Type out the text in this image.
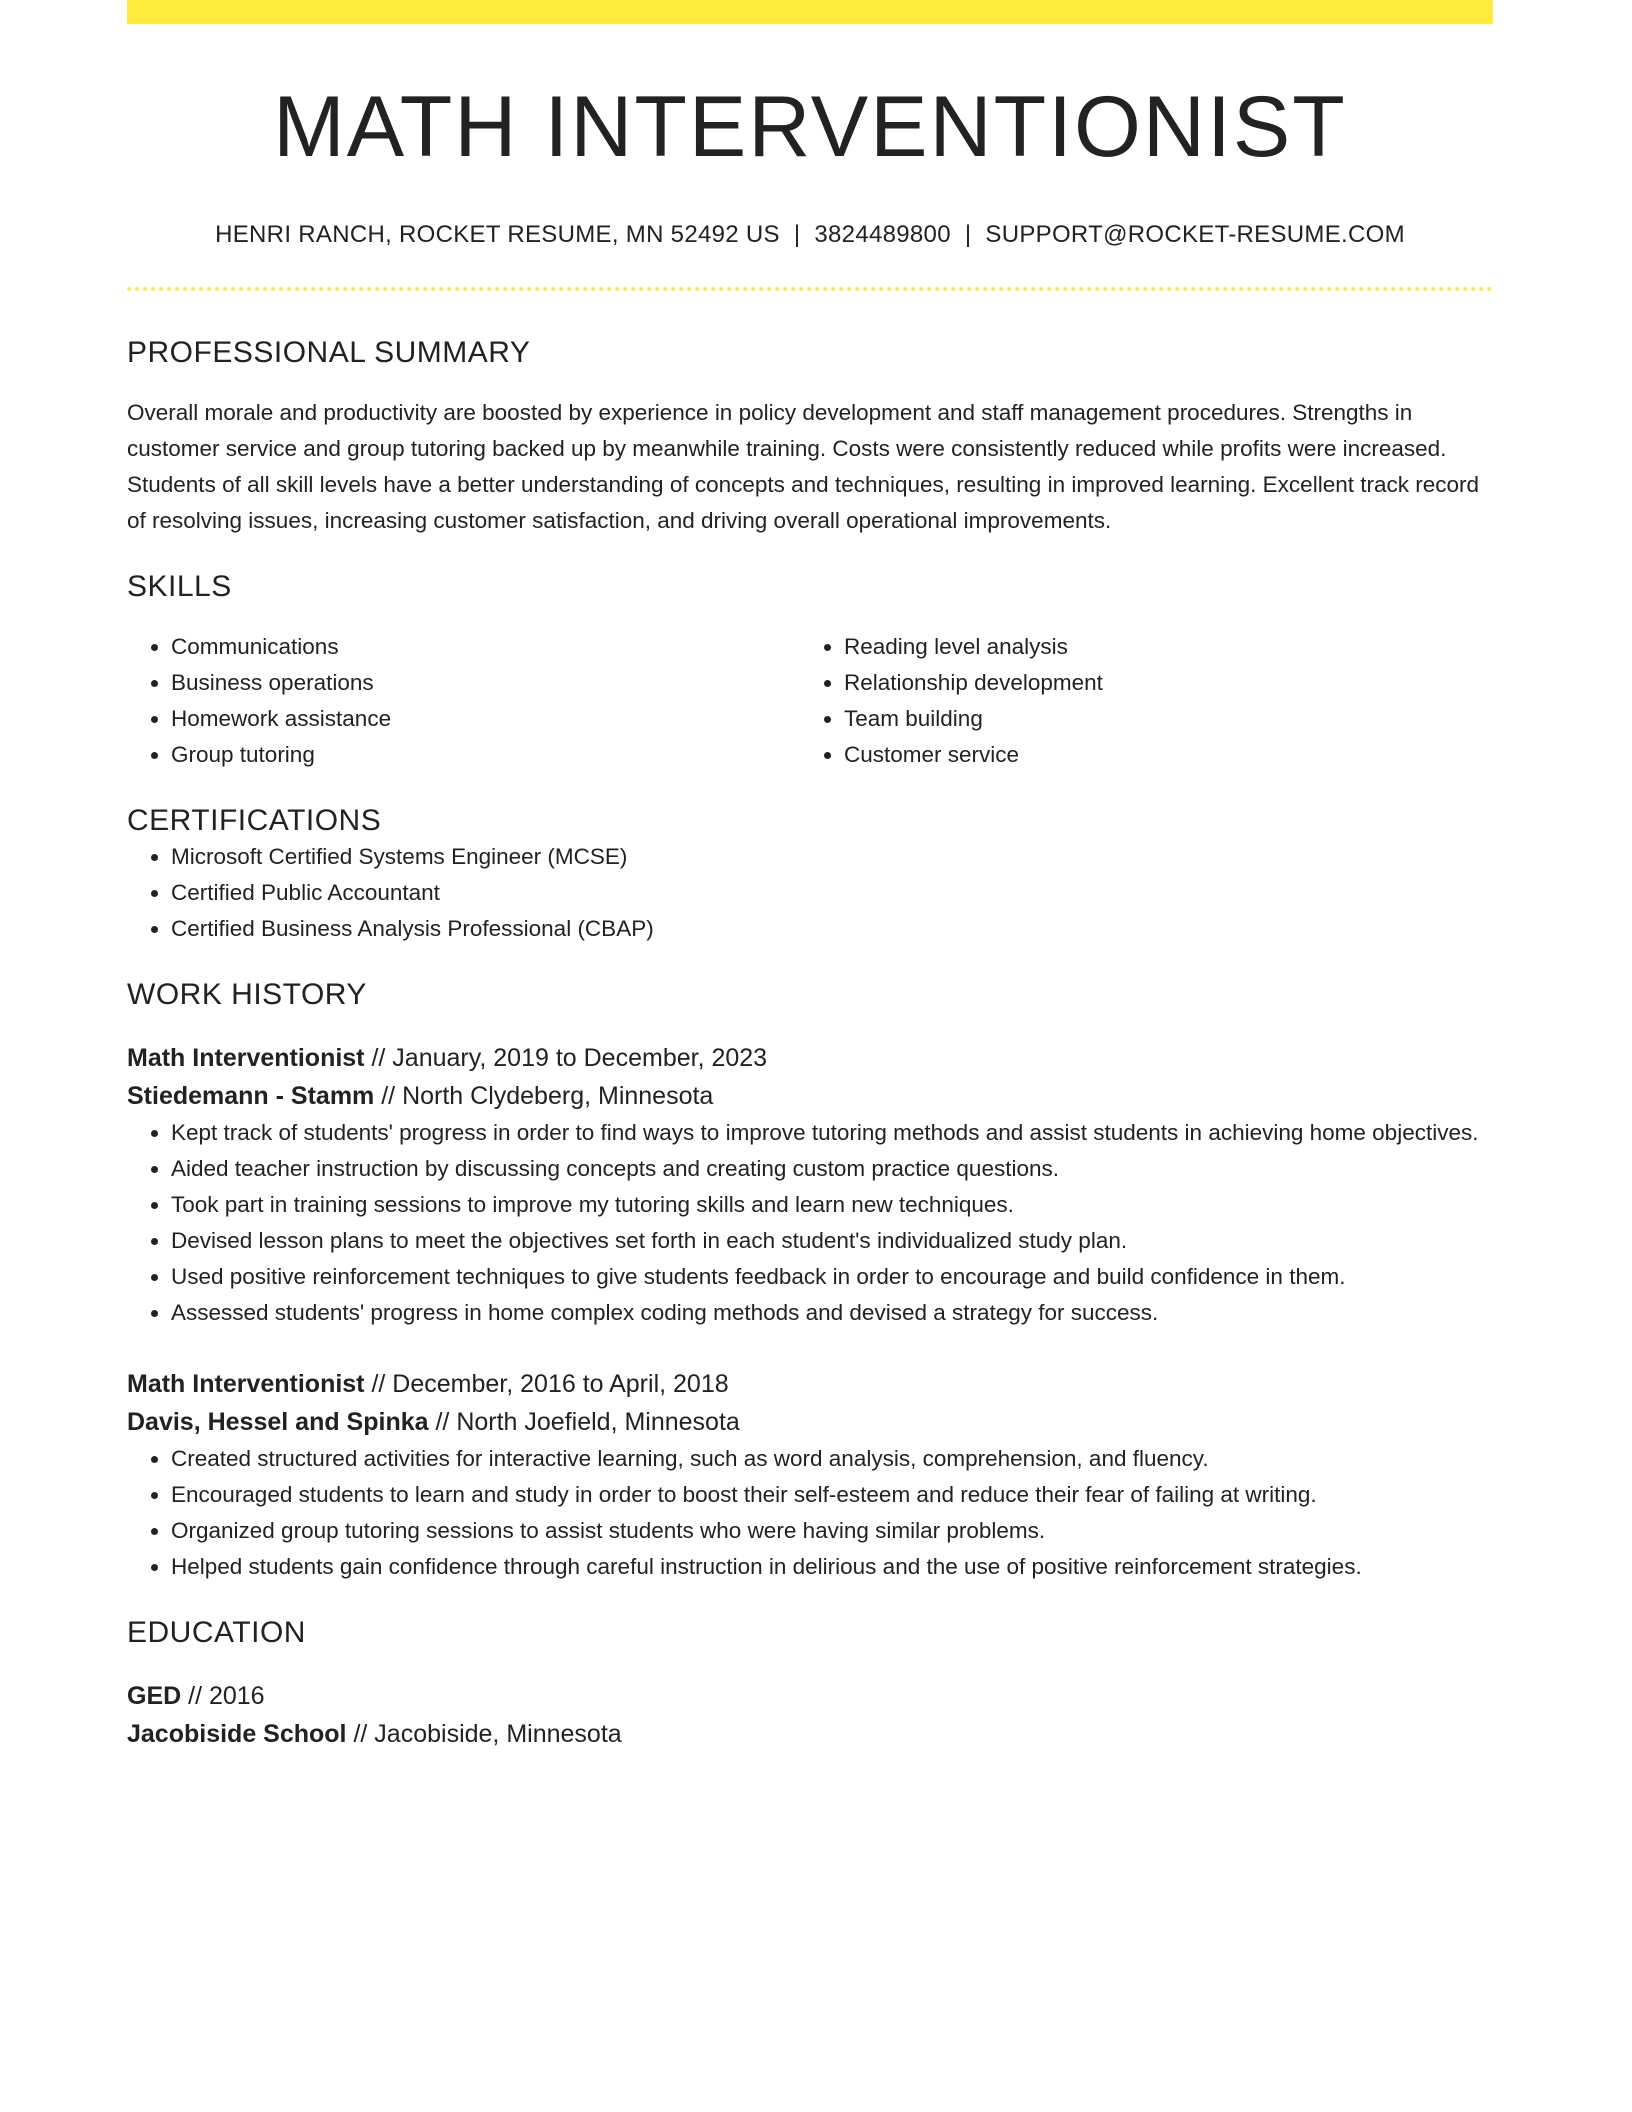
MATH INTERVENTIONIST
HENRI RANCH, ROCKET RESUME, MN 52492 US | 3824489800 | SUPPORT@ROCKET-RESUME.COM
PROFESSIONAL SUMMARY

Overall morale and productivity are boosted by experience in policy development and staff management procedures. Strengths in customer service and group tutoring backed up by meanwhile training. Costs were consistently reduced while profits were increased. Students of all skill levels have a better understanding of concepts and techniques, resulting in improved learning. Excellent track record of resolving issues, increasing customer satisfaction, and driving overall operational improvements.

SKILLS
• Communications
• Business operations
• Homework assistance
• Group tutoring
• Reading level analysis
• Relationship development
• Team building
• Customer service
CERTIFICATIONS
• Microsoft Certified Systems Engineer (MCSE)
• Certified Public Accountant
• Certified Business Analysis Professional (CBAP)
WORK HISTORY
Math Interventionist // January, 2019 to December, 2023
Stiedemann - Stamm // North Clydeberg, Minnesota
• Kept track of students' progress in order to find ways to improve tutoring methods and assist students in achieving home objectives.
• Aided teacher instruction by discussing concepts and creating custom practice questions.
• Took part in training sessions to improve my tutoring skills and learn new techniques.
• Devised lesson plans to meet the objectives set forth in each student's individualized study plan.
• Used positive reinforcement techniques to give students feedback in order to encourage and build confidence in them.
• Assessed students' progress in home complex coding methods and devised a strategy for success.
Math Interventionist // December, 2016 to April, 2018
Davis, Hessel and Spinka // North Joefield, Minnesota
• Created structured activities for interactive learning, such as word analysis, comprehension, and fluency.
• Encouraged students to learn and study in order to boost their self-esteem and reduce their fear of failing at writing.
• Organized group tutoring sessions to assist students who were having similar problems.
• Helped students gain confidence through careful instruction in delirious and the use of positive reinforcement strategies.
EDUCATION
GED // 2016
Jacobiside School // Jacobiside, Minnesota
